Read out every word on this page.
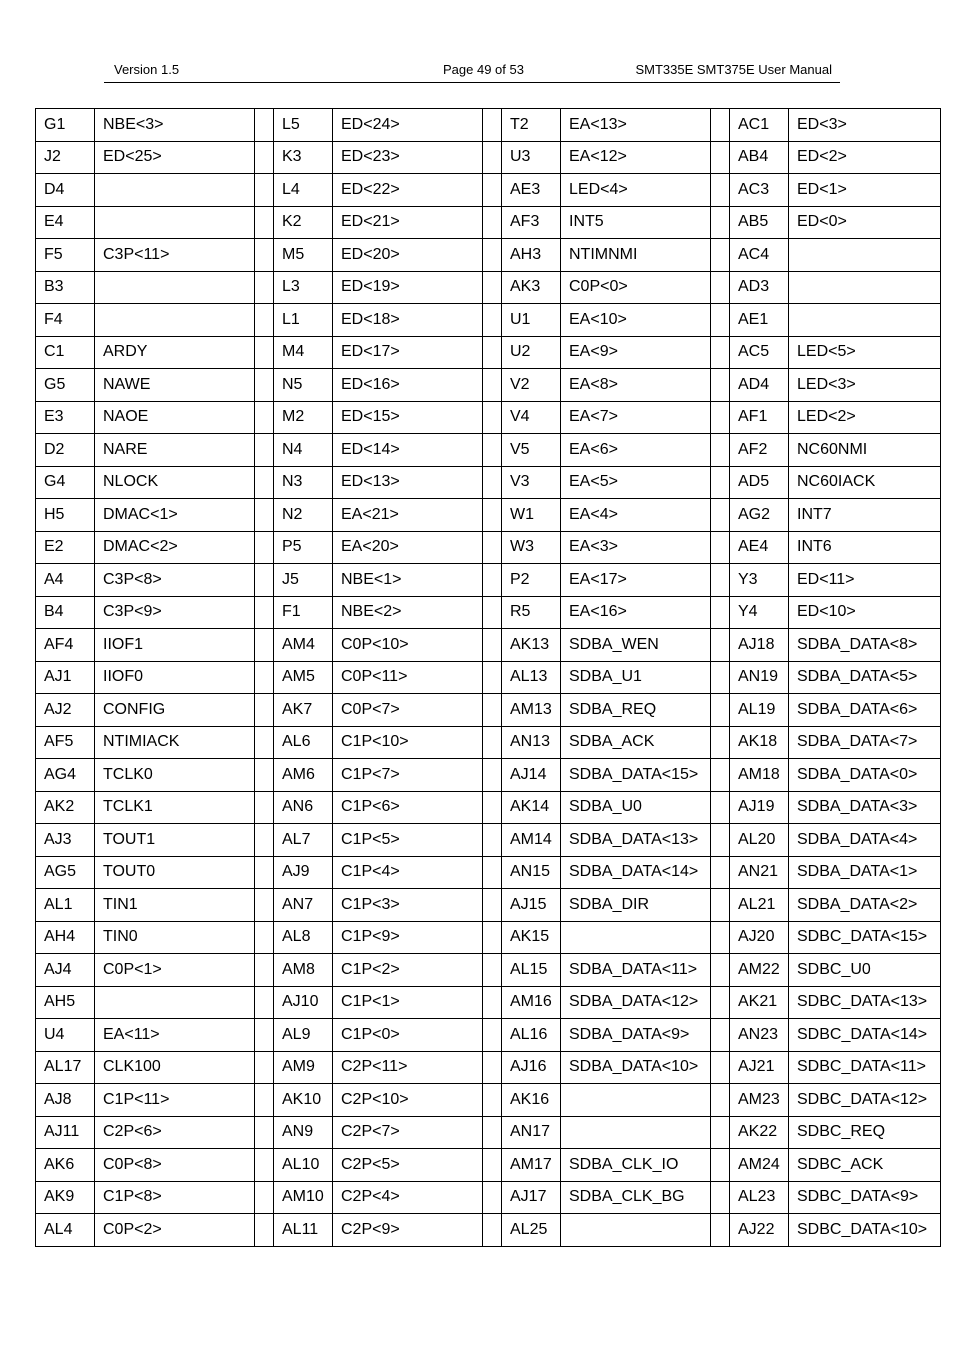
Version 1.5	Page 49 of 53	SMT335E SMT375E User Manual
G1	NBE<3>		L5	ED<24>		T2	EA<13>		AC1	ED<3>
J2	ED<25>		K3	ED<23>		U3	EA<12>		AB4	ED<2>
D4			L4	ED<22>		AE3	LED<4>		AC3	ED<1>
E4			K2	ED<21>		AF3	INT5		AB5	ED<0>
F5	C3P<11>		M5	ED<20>		AH3	NTIMNMI		AC4	
B3			L3	ED<19>		AK3	C0P<0>		AD3	
F4			L1	ED<18>		U1	EA<10>		AE1	
C1	ARDY		M4	ED<17>		U2	EA<9>		AC5	LED<5>
G5	NAWE		N5	ED<16>		V2	EA<8>		AD4	LED<3>
E3	NAOE		M2	ED<15>		V4	EA<7>		AF1	LED<2>
D2	NARE		N4	ED<14>		V5	EA<6>		AF2	NC60NMI
G4	NLOCK		N3	ED<13>		V3	EA<5>		AD5	NC60IACK
H5	DMAC<1>		N2	EA<21>		W1	EA<4>		AG2	INT7
E2	DMAC<2>		P5	EA<20>		W3	EA<3>		AE4	INT6
A4	C3P<8>		J5	NBE<1>		P2	EA<17>		Y3	ED<11>
B4	C3P<9>		F1	NBE<2>		R5	EA<16>		Y4	ED<10>
AF4	IIOF1		AM4	C0P<10>		AK13	SDBA_WEN		AJ18	SDBA_DATA<8>
AJ1	IIOF0		AM5	C0P<11>		AL13	SDBA_U1		AN19	SDBA_DATA<5>
AJ2	CONFIG		AK7	C0P<7>		AM13	SDBA_REQ		AL19	SDBA_DATA<6>
AF5	NTIMIACK		AL6	C1P<10>		AN13	SDBA_ACK		AK18	SDBA_DATA<7>
AG4	TCLK0		AM6	C1P<7>		AJ14	SDBA_DATA<15>		AM18	SDBA_DATA<0>
AK2	TCLK1		AN6	C1P<6>		AK14	SDBA_U0		AJ19	SDBA_DATA<3>
AJ3	TOUT1		AL7	C1P<5>		AM14	SDBA_DATA<13>		AL20	SDBA_DATA<4>
AG5	TOUT0		AJ9	C1P<4>		AN15	SDBA_DATA<14>		AN21	SDBA_DATA<1>
AL1	TIN1		AN7	C1P<3>		AJ15	SDBA_DIR		AL21	SDBA_DATA<2>
AH4	TIN0		AL8	C1P<9>		AK15			AJ20	SDBC_DATA<15>
AJ4	C0P<1>		AM8	C1P<2>		AL15	SDBA_DATA<11>		AM22	SDBC_U0
AH5			AJ10	C1P<1>		AM16	SDBA_DATA<12>		AK21	SDBC_DATA<13>
U4	EA<11>		AL9	C1P<0>		AL16	SDBA_DATA<9>		AN23	SDBC_DATA<14>
AL17	CLK100		AM9	C2P<11>		AJ16	SDBA_DATA<10>		AJ21	SDBC_DATA<11>
AJ8	C1P<11>		AK10	C2P<10>		AK16			AM23	SDBC_DATA<12>
AJ11	C2P<6>		AN9	C2P<7>		AN17			AK22	SDBC_REQ
AK6	C0P<8>		AL10	C2P<5>		AM17	SDBA_CLK_IO		AM24	SDBC_ACK
AK9	C1P<8>		AM10	C2P<4>		AJ17	SDBA_CLK_BG		AL23	SDBC_DATA<9>
AL4	C0P<2>		AL11	C2P<9>		AL25			AJ22	SDBC_DATA<10>
